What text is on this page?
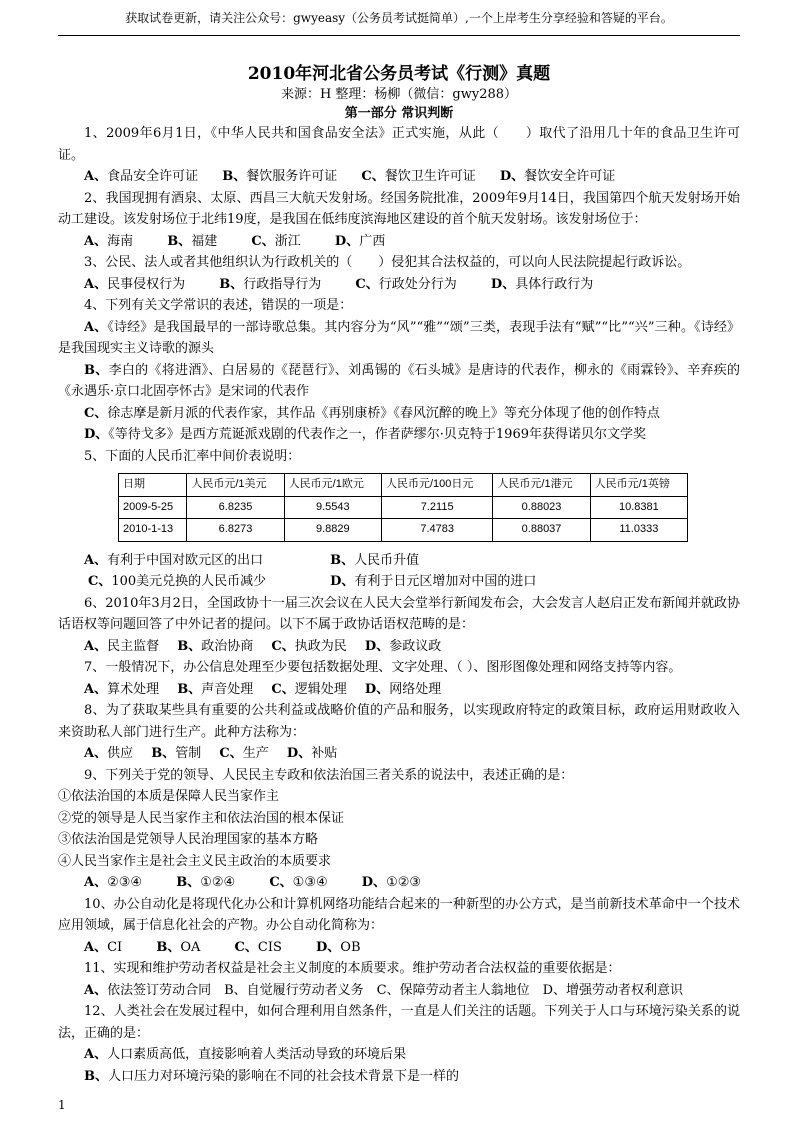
获取试卷更新，请关注公众号：gwyeasy（公务员考试挺简单）,一个上岸考生分享经验和答疑的平台。
2010年河北省公务员考试《行测》真题
来源：H 整理：杨柳（微信：gwy288）
第一部分 常识判断

1、2009年6月1日，《中华人民共和国食品安全法》正式实施，从此（　　）取代了沿用几十年的食品卫生许可证。

A、食品安全许可证 B、餐饮服务许可证 C、餐饮卫生许可证 D、餐饮安全许可证

2、我国现拥有酒泉、太原、西昌三大航天发射场。经国务院批准，2009年9月14日，我国第四个航天发射场开始动工建设。该发射场位于北纬19度，是我国在低纬度滨海地区建设的首个航天发射场。该发射场位于：

A、海南	B、福建	C、浙江	D、广西

3、公民、法人或者其他组织认为行政机关的（　　）侵犯其合法权益的，可以向人民法院提起行政诉讼。

A、民事侵权行为	B、行政指导行为	C、行政处分行为	D、具体行政行为

4、下列有关文学常识的表述，错误的一项是：

A、《诗经》是我国最早的一部诗歌总集。其内容分为“风”“雅”“颂”三类，表现手法有“赋”“比”“兴”三种。《诗经》是我国现实主义诗歌的源头

B、李白的《将进酒》、白居易的《琵琶行》、刘禹锡的《石头城》是唐诗的代表作，柳永的《雨霖铃》、辛弃疾的《永遇乐·京口北固亭怀古》是宋词的代表作

C、徐志摩是新月派的代表作家，其作品《再别康桥》《春风沉醉的晚上》等充分体现了他的创作特点

D、《等待戈多》是西方荒诞派戏剧的代表作之一，作者萨缪尔·贝克特于1969年获得诺贝尔文学奖

5、下面的人民币汇率中间价表说明：

日期	人民币元/1美元	人民币元/1欧元	人民币元/100日元	人民币元/1港元	人民币元/1英镑
2009-5-25	6.8235	9.5543	7.2115	0.88023	10.8381
2010-1-13	6.8273	9.8829	7.4783	0.88037	11.0333

A、有利于中国对欧元区的出口	B、人民币升值

C、100美元兑换的人民币减少	D、有利于日元区增加对中国的进口

6、2010年3月2日，全国政协十一届三次会议在人民大会堂举行新闻发布会，大会发言人赵启正发布新闻并就政协话语权等问题回答了中外记者的提问。以下不属于政协话语权范畴的是：

A、民主监督 B、政治协商 C、执政为民 D、参政议政

7、一般情况下，办公信息处理至少要包括数据处理、文字处理、（ ）、图形图像处理和网络支持等内容。

A、算术处理 B、声音处理 C、逻辑处理 D、网络处理

8、为了获取某些具有重要的公共利益或战略价值的产品和服务，以实现政府特定的政策目标，政府运用财政收入来资助私人部门进行生产。此种方法称为：

A、供应 B、管制 C、生产 D、补贴

9、下列关于党的领导、人民民主专政和依法治国三者关系的说法中，表述正确的是：

①依法治国的本质是保障人民当家作主

②党的领导是人民当家作主和依法治国的根本保证

③依法治国是党领导人民治理国家的基本方略

④人民当家作主是社会主义民主政治的本质要求

A、②③④	B、①②④	C、①③④	D、①②③

10、办公自动化是将现代化办公和计算机网络功能结合起来的一种新型的办公方式，是当前新技术革命中一个技术应用领域，属于信息化社会的产物。办公自动化简称为：

A、CI	B、OA	C、CIS	D、OB

11、实现和维护劳动者权益是社会主义制度的本质要求。维护劳动者合法权益的重要依据是：

A、依法签订劳动合同　B、自觉履行劳动者义务　C、保障劳动者主人翁地位　D、增强劳动者权利意识

12、人类社会在发展过程中，如何合理利用自然条件，一直是人们关注的话题。下列关于人口与环境污染关系的说法，正确的是：

A、人口素质高低，直接影响着人类活动导致的环境后果

B、人口压力对环境污染的影响在不同的社会技术背景下是一样的

1
